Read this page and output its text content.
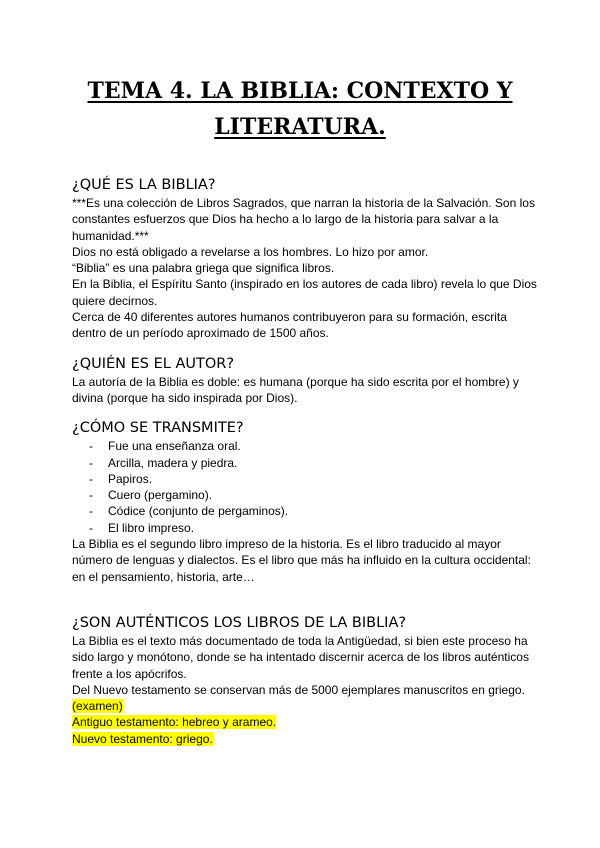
TEMA 4. LA BIBLIA: CONTEXTO Y
LITERATURA.
¿QUÉ ES LA BIBLIA?

***Es una colección de Libros Sagrados, que narran la historia de la Salvación. Son los constantes esfuerzos que Dios ha hecho a lo largo de la historia para salvar a la humanidad.***

Dios no está obligado a revelarse a los hombres. Lo hizo por amor.

“Biblia” es una palabra griega que significa libros.

En la Biblia, el Espíritu Santo (inspirado en los autores de cada libro) revela lo que Dios quiere decirnos.

Cerca de 40 diferentes autores humanos contribuyeron para su formación, escrita dentro de un período aproximado de 1500 años.

¿QUIÉN ES EL AUTOR?

La autoría de la Biblia es doble: es humana (porque ha sido escrita por el hombre) y divina (porque ha sido inspirada por Dios).

¿CÓMO SE TRANSMITE?
- Fue una enseñanza oral.
- Arcilla, madera y piedra.
- Papiros.
- Cuero (pergamino).
- Códice (conjunto de pergaminos).
- El libro impreso.

La Biblia es el segundo libro impreso de la historia. Es el libro traducido al mayor número de lenguas y dialectos. Es el libro que más ha influido en la cultura occidental: en el pensamiento, historia, arte…

¿SON AUTÉNTICOS LOS LIBROS DE LA BIBLIA?

La Biblia es el texto más documentado de toda la Antigüedad, si bien este proceso ha sido largo y monótono, donde se ha intentado discernir acerca de los libros auténticos frente a los apócrifos.

Del Nuevo testamento se conservan más de 5000 ejemplares manuscritos en griego.

(examen)

Antiguo testamento: hebreo y arameo.

Nuevo testamento: griego.
